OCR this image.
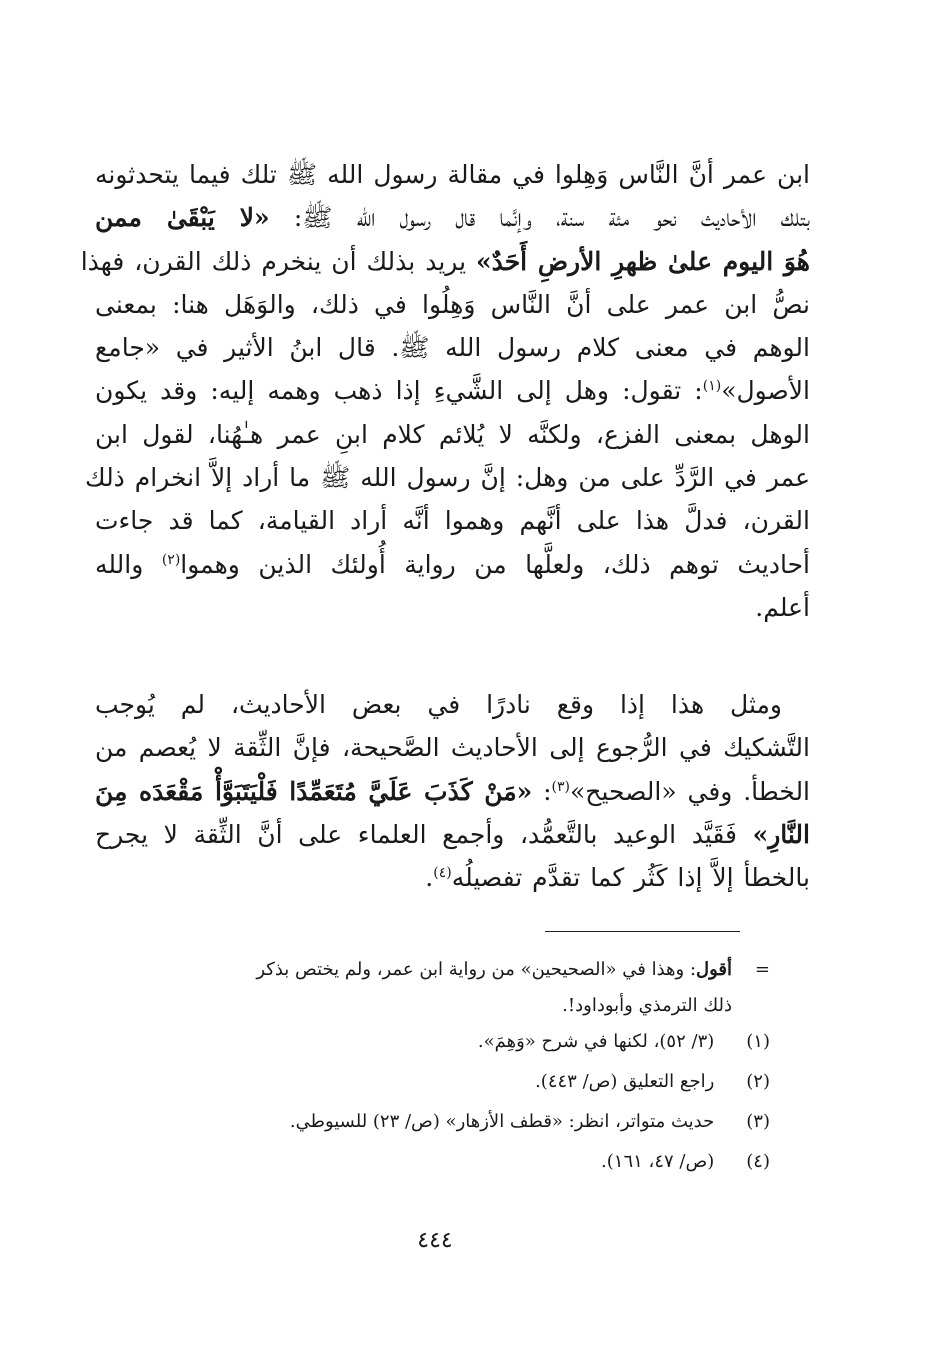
ابن عمر أنَّ النَّاس وَهِلوا في مقالة رسول الله ﷺ تلك فيما يتحدثونه
بتلك الأحاديث نحو مئة سنة، وإنَّما قال رسول الله ﷺ: «لا يَبْقَىٰ ممن
هُوَ اليوم علىٰ ظهرِ الأرضِ أَحَدٌ» يريد بذلك أن ينخرم ذلك القرن، فهذا
نصُّ ابن عمر على أنَّ النَّاس وَهِلُوا في ذلك، والوَهَل هنا: بمعنى
الوهم في معنى كلام رسول الله ﷺ. قال ابنُ الأثير في «جامع
الأصول»$^{(١)}$: تقول: وهل إلى الشَّيءِ إذا ذهب وهمه إليه: وقد يكون
الوهل بمعنى الفزع، ولكنَّه لا يُلائم كلام ابنِ عمر هـٰهُنا، لقول ابن
عمر في الرَّدِّ على من وهل: إنَّ رسول الله ﷺ ما أراد إلاَّ انخرام ذلك
القرن، فدلَّ هذا على أنَّهم وهموا أنَّه أراد القيامة، كما قد جاءت
أحاديث توهم ذلك، ولعلَّها من رواية أُولئك الذين وهموا$^{(٢)}$ والله
أعلم.
ومثل هذا إذا وقع نادرًا في بعض الأحاديث، لم يُوجب
التَّشكيك في الرُّجوع إلى الأحاديث الصَّحيحة، فإنَّ الثِّقة لا يُعصم من
الخطأ. وفي «الصحيح»$^{(٣)}$: «مَنْ كَذَبَ عَلَيَّ مُتَعَمِّدًا فَلْيَتَبَوَّأْ مَقْعَدَه مِنَ
النَّارِ» فَقَيَّد الوعيد بالتَّعمُّد، وأجمع العلماء على أنَّ الثِّقة لا يجرح
بالخطأ إلاَّ إذا كَثُر كما تقدَّم تفصيلُه$^{(٤)}$.
=
أقول: وهذا في «الصحيحين» من رواية ابن عمر، ولم يختص بذكر
ذلك الترمذي وأبوداود!.
(١) (٣/ ٥٢)، لكنها في شرح «وَهِمَ».
(٢) راجع التعليق (ص/ ٤٤٣).
(٣) حديث متواتر، انظر: «قطف الأزهار» (ص/ ٢٣) للسيوطي.
(٤) (ص/ ٤٧، ١٦١).
٤٤٤
